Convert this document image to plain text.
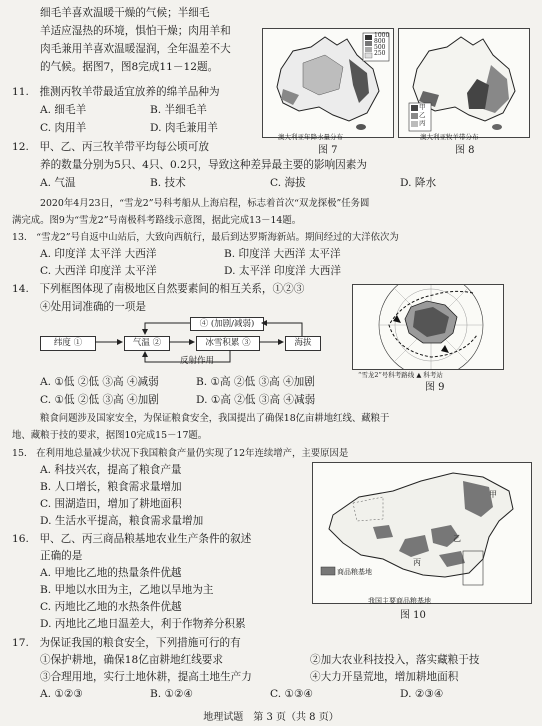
细毛羊喜欢温暖干燥的气候；半细毛
羊适应湿热的环境，惧怕干燥；肉用羊和
肉毛兼用羊喜欢温暖湿润，全年温差不大
的气候。据图7，图8完成11－12题。
1000
800
500
250
澳大利亚年降水量分布
图 7
甲
乙
丙
澳大利亚牧羊带分布
图 8
11.　推测丙牧羊带最适宜放养的绵羊品种为
A. 细毛羊	B. 半细毛羊
C. 肉用羊	D. 肉毛兼用羊
12.　甲、乙、丙三牧羊带平均每公顷可放
养的数量分别为5只、4只、0.2只，导致这种差异最主要的影响因素为
A. 气温	B. 技术	C. 海拔	D. 降水
2020年4月23日，“雪龙2”号科考船从上海启程，标志着首次“双龙探极”任务圆
满完成。图9为“雪龙2”号南极科考路线示意图，据此完成13－14题。
13.　“雪龙2”号自返中山站后，大致向西航行，最后到达罗斯海新站。期间经过的大洋依次为
A. 印度洋 太平洋 大西洋	B. 印度洋 大西洋 太平洋
C. 大西洋 印度洋 太平洋	D. 太平洋 印度洋 大西洋
14.　下列框图体现了南极地区自然要素间的相互关系，①②③
④处用词准确的一项是
纬度 ①	气温 ②	冰雪积累 ③	海拔
④ (加剧/减弱)
反射作用
“雪龙2”号科考路线 ▲ 科考站
图 9
A. ①低 ②低 ③高 ④减弱	B. ①高 ②低 ③高 ④加剧
C. ①低 ②低 ③高 ④加剧	D. ①高 ②低 ③高 ④减弱
粮食问题涉及国家安全，为保证粮食安全，我国提出了确保18亿亩耕地红线、藏粮于
地、藏粮于技的要求，据图10完成15－17题。
15.　在利用地总量减少状况下我国粮食产量仍实现了12年连续增产，主要原因是
A. 科技兴农，提高了粮食产量
B. 人口增长，粮食需求量增加
C. 围湖造田，增加了耕地面积
D. 生活水平提高，粮食需求量增加
商品粮基地
甲
乙
丙
我国主要商品粮基地
图 10
16.　甲、乙、丙三商品粮基地农业生产条件的叙述
正确的是
A. 甲地比乙地的热量条件优越
B. 甲地以水田为主，乙地以旱地为主
C. 丙地比乙地的水热条件优越
D. 丙地比乙地日温差大，利于作物养分积累
17.　为保证我国的粮食安全，下列措施可行的有
①保护耕地，确保18亿亩耕地红线要求	②加大农业科技投入，落实藏粮于技
③合理用地，实行土地休耕，提高土地生产力	④大力开垦荒地，增加耕地面积
A. ①②③	B. ①②④	C. ①③④	D. ②③④
地理试题　第 3 页（共 8 页）
